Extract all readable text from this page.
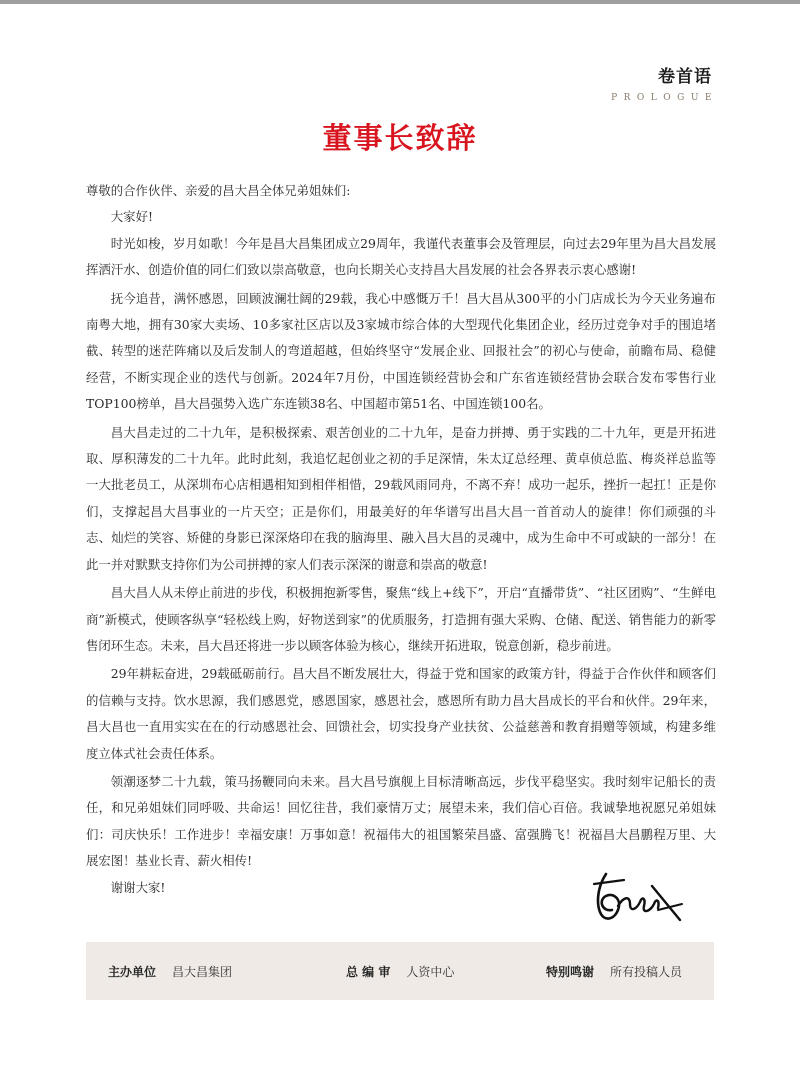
卷首语
PROLOGUE
董事长致辞

尊敬的合作伙伴、亲爱的昌大昌全体兄弟姐妹们:

大家好!

时光如梭，岁月如歌！今年是昌大昌集团成立29周年，我谨代表董事会及管理层，向过去29年里为昌大昌发展挥洒汗水、创造价值的同仁们致以崇高敬意，也向长期关心支持昌大昌发展的社会各界表示衷心感谢!

抚今追昔，满怀感恩，回顾波澜壮阔的29载，我心中感慨万千！昌大昌从300平的小门店成长为今天业务遍布南粤大地，拥有30家大卖场、10多家社区店以及3家城市综合体的大型现代化集团企业，经历过竞争对手的围追堵截、转型的迷茫阵痛以及后发制人的弯道超越，但始终坚守“发展企业、回报社会”的初心与使命，前瞻布局、稳健经营，不断实现企业的迭代与创新。2024年7月份，中国连锁经营协会和广东省连锁经营协会联合发布零售行业TOP100榜单，昌大昌强势入选广东连锁38名、中国超市第51名、中国连锁100名。

昌大昌走过的二十九年，是积极探索、艰苦创业的二十九年，是奋力拼搏、勇于实践的二十九年，更是开拓进取、厚积薄发的二十九年。此时此刻，我追忆起创业之初的手足深情，朱太辽总经理、黄卓侦总监、梅炎祥总监等一大批老员工，从深圳布心店相遇相知到相伴相惜，29载风雨同舟，不离不弃！成功一起乐，挫折一起扛！正是你们，支撑起昌大昌事业的一片天空；正是你们，用最美好的年华谱写出昌大昌一首首动人的旋律！你们顽强的斗志、灿烂的笑容、矫健的身影已深深烙印在我的脑海里、融入昌大昌的灵魂中，成为生命中不可或缺的一部分！在此一并对默默支持你们为公司拼搏的家人们表示深深的谢意和崇高的敬意!

昌大昌人从未停止前进的步伐，积极拥抱新零售，聚焦“线上+线下”，开启“直播带货”、“社区团购”、“生鲜电商”新模式，使顾客纵享“轻松线上购，好物送到家”的优质服务，打造拥有强大采购、仓储、配送、销售能力的新零售闭环生态。未来，昌大昌还将进一步以顾客体验为核心，继续开拓进取，锐意创新，稳步前进。

29年耕耘奋进，29载砥砺前行。昌大昌不断发展壮大，得益于党和国家的政策方针，得益于合作伙伴和顾客们的信赖与支持。饮水思源，我们感恩党，感恩国家，感恩社会，感恩所有助力昌大昌成长的平台和伙伴。29年来，昌大昌也一直用实实在在的行动感恩社会、回馈社会，切实投身产业扶贫、公益慈善和教育捐赠等领域，构建多维度立体式社会责任体系。

领潮逐梦二十九载，策马扬鞭同向未来。昌大昌号旗舰上目标清晰高远，步伐平稳坚实。我时刻牢记船长的责任，和兄弟姐妹们同呼吸、共命运！回忆往昔，我们豪情万丈；展望未来，我们信心百倍。我诚挚地祝愿兄弟姐妹们：司庆快乐！工作进步！幸福安康！万事如意！祝福伟大的祖国繁荣昌盛、富强腾飞！祝福昌大昌鹏程万里、大展宏图！基业长青、薪火相传!

谢谢大家!

主办单位 昌大昌集团	总 编 审 人资中心	特别鸣谢 所有投稿人员
